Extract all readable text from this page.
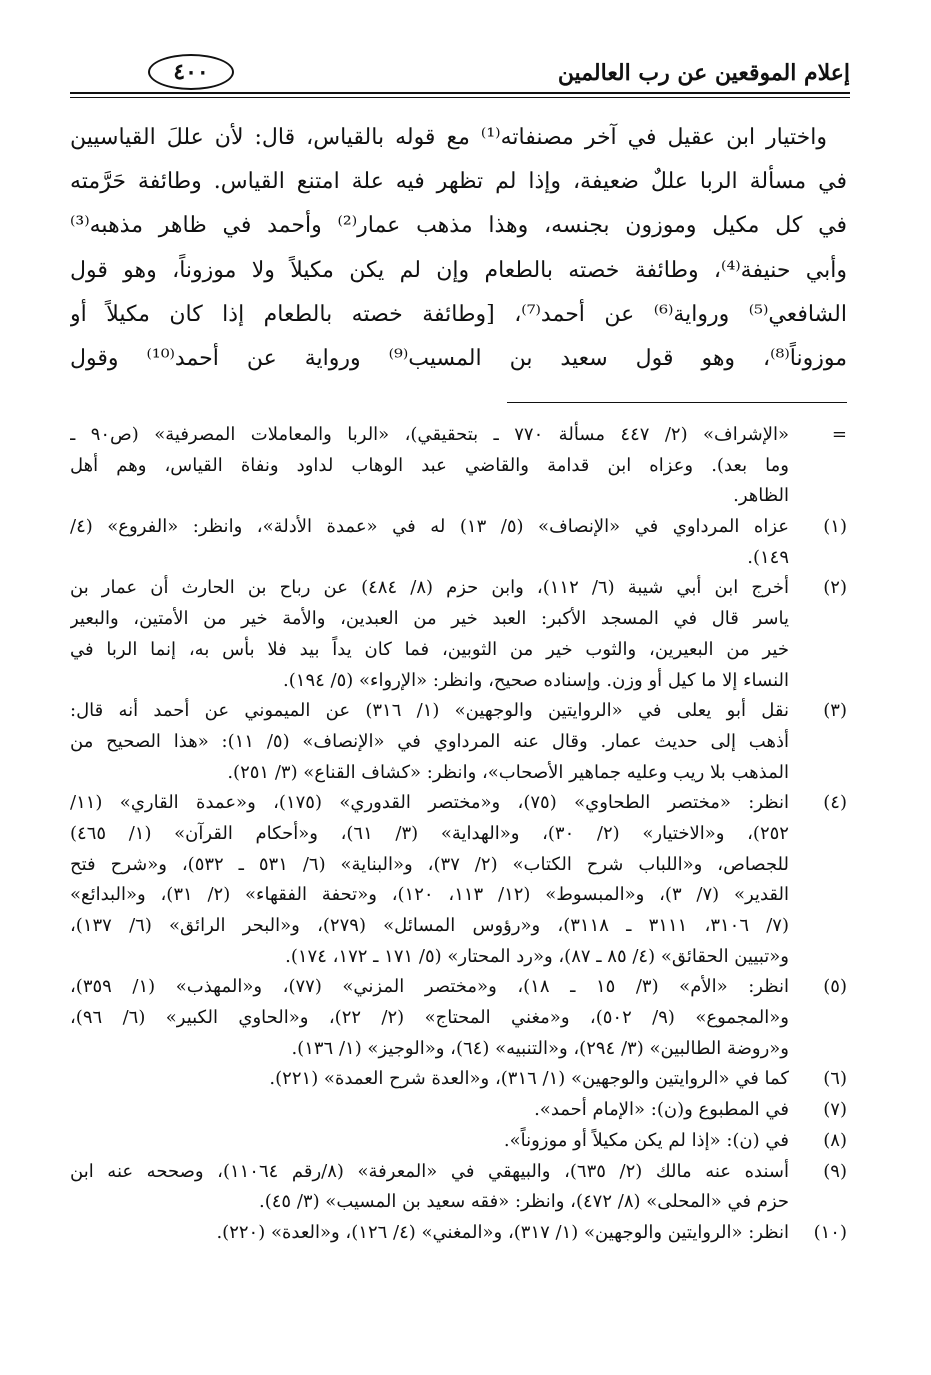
إعلام الموقعين عن رب العالمين
٤٠٠
واختيار ابن عقيل في آخر مصنفاته⁽¹⁾ مع قوله بالقياس، قال: لأن عللَ القياسيين
في مسألة الربا عللٌ ضعيفة، وإذا لم تظهر فيه علة امتنع القياس. وطائفة حَرَّمته
في كل مكيل وموزون بجنسه، وهذا مذهب عمار⁽²⁾ وأحمد في ظاهر مذهبه⁽³⁾
وأبي حنيفة⁽⁴⁾، وطائفة خصته بالطعام وإن لم يكن مكيلاً ولا موزوناً، وهو قول
الشافعي⁽⁵⁾ ورواية⁽⁶⁾ عن أحمد⁽⁷⁾، [وطائفة خصته بالطعام إذا كان مكيلاً أو
موزوناً⁽⁸⁾، وهو قول سعيد بن المسيب⁽⁹⁾ ورواية عن أحمد⁽¹⁰⁾ وقول
=
«الإشراف» (٢/ ٤٤٧ مسألة ٧٧٠ ـ بتحقيقي)، «الربا والمعاملات المصرفية» (ص٩٠ ـ
وما بعد). وعزاه ابن قدامة والقاضي عبد الوهاب لداود ونفاة القياس، وهم أهل
الظاهر.
(١)
عزاه المرداوي في «الإنصاف» (٥/ ١٣) له في «عمدة الأدلة»، وانظر: «الفروع» (٤/
١٤٩).
(٢)
أخرج ابن أبي شيبة (٦/ ١١٢)، وابن حزم (٨/ ٤٨٤) عن رباح بن الحارث أن عمار بن
ياسر قال في المسجد الأكبر: العبد خير من العبدين، والأمة خير من الأمتين، والبعير
خير من البعيرين، والثوب خير من الثوبين، فما كان يداً بيد فلا بأس به، إنما الربا في
النساء إلا ما كيل أو وزن. وإسناده صحيح، وانظر: «الإرواء» (٥/ ١٩٤).
(٣)
نقل أبو يعلى في «الروايتين والوجهين» (١/ ٣١٦) عن الميموني عن أحمد أنه قال:
أذهب إلى حديث عمار. وقال عنه المرداوي في «الإنصاف» (٥/ ١١): «هذا الصحيح من
المذهب بلا ريب وعليه جماهير الأصحاب»، وانظر: «كشاف القناع» (٣/ ٢٥١).
(٤)
انظر: «مختصر الطحاوي» (٧٥)، و«مختصر القدوري» (١٧٥)، و«عمدة القاري» (١١/
٢٥٢)، و«الاختيار» (٢/ ٣٠)، و«الهداية» (٣/ ٦١)، و«أحكام القرآن» (١/ ٤٦٥)
للجصاص، و«اللباب شرح الكتاب» (٢/ ٣٧)، و«البناية» (٦/ ٥٣١ ـ ٥٣٢)، و«شرح فتح
القدير» (٧/ ٣)، و«المبسوط» (١٢/ ١١٣، ١٢٠)، و«تحفة الفقهاء» (٢/ ٣١)، و«البدائع»
(٧/ ٣١٠٦، ٣١١١ ـ ٣١١٨)، و«رؤوس المسائل» (٢٧٩)، و«البحر الرائق» (٦/ ١٣٧)،
و«تبيين الحقائق» (٤/ ٨٥ ـ ٨٧)، و«رد المحتار» (٥/ ١٧١ ـ ١٧٢، ١٧٤).
(٥)
انظر: «الأم» (٣/ ١٥ ـ ١٨)، و«مختصر المزني» (٧٧)، و«المهذب» (١/ ٣٥٩)،
و«المجموع» (٩/ ٥٠٢)، و«مغني المحتاج» (٢/ ٢٢)، و«الحاوي الكبير» (٦/ ٩٦)،
و«روضة الطالبين» (٣/ ٢٩٤)، و«التنبيه» (٦٤)، و«الوجيز» (١/ ١٣٦).
(٦)
كما في «الروايتين والوجهين» (١/ ٣١٦)، و«العدة شرح العمدة» (٢٢١).
(٧)
في المطبوع و(ن): «الإمام أحمد».
(٨)
في (ن): «إذا لم يكن مكيلاً أو موزوناً».
(٩)
أسنده عنه مالك (٢/ ٦٣٥)، والبيهقي في «المعرفة» (٨/رقم ١١٠٦٤)، وصححه عنه ابن
حزم في «المحلى» (٨/ ٤٧٢)، وانظر: «فقه سعيد بن المسيب» (٣/ ٤٥).
(١٠)
انظر: «الروايتين والوجهين» (١/ ٣١٧)، و«المغني» (٤/ ١٢٦)، و«العدة» (٢٢٠).
